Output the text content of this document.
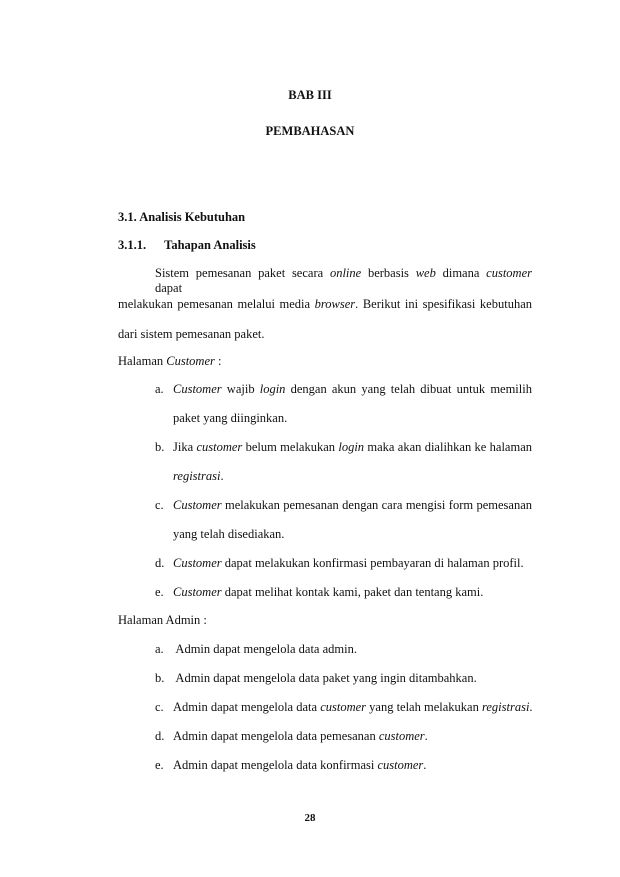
BAB III
PEMBAHASAN
3.1. Analisis Kebutuhan
3.1.1. Tahapan Analisis
Sistem pemesanan paket secara online berbasis web dimana customer dapat
melakukan pemesanan melalui media browser. Berikut ini spesifikasi kebutuhan
dari sistem pemesanan paket.
Halaman Customer :
a. Customer wajib login dengan akun yang telah dibuat untuk memilih
paket yang diinginkan.
b. Jika customer belum melakukan login maka akan dialihkan ke halaman
registrasi.
c. Customer melakukan pemesanan dengan cara mengisi form pemesanan
yang telah disediakan.
d. Customer dapat melakukan konfirmasi pembayaran di halaman profil.
e. Customer dapat melihat kontak kami, paket dan tentang kami.
Halaman Admin :
a. Admin dapat mengelola data admin.
b. Admin dapat mengelola data paket yang ingin ditambahkan.
c. Admin dapat mengelola data customer yang telah melakukan registrasi.
d. Admin dapat mengelola data pemesanan customer.
e. Admin dapat mengelola data konfirmasi customer.
28
